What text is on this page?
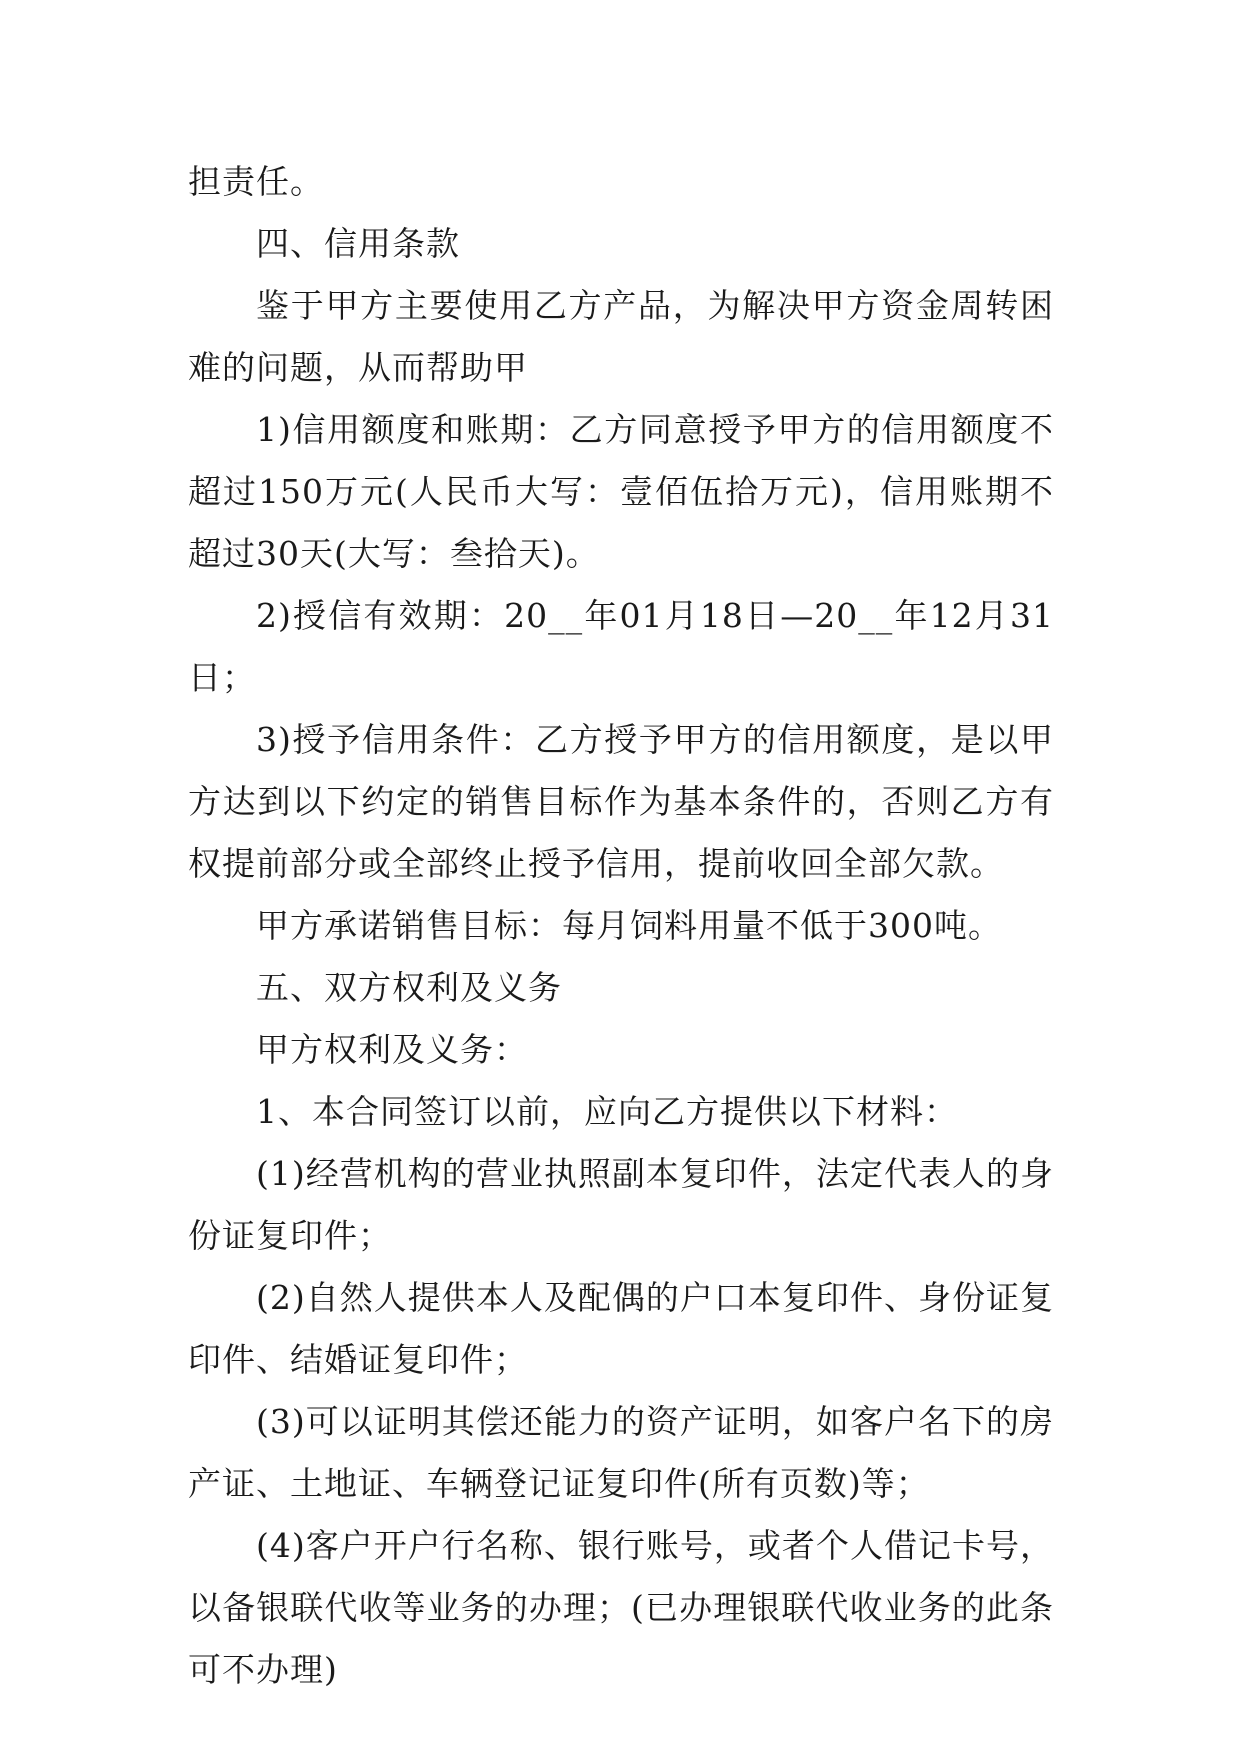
担责任。

四、信用条款

鉴于甲方主要使用乙方产品，为解决甲方资金周转困难的问题，从而帮助甲

1)信用额度和账期：乙方同意授予甲方的信用额度不超过150万元(人民币大写：壹佰伍拾万元)，信用账期不超过30天(大写：叁拾天)。

2)授信有效期：20__年01月18日—20__年12月31日；

3)授予信用条件：乙方授予甲方的信用额度，是以甲方达到以下约定的销售目标作为基本条件的，否则乙方有权提前部分或全部终止授予信用，提前收回全部欠款。

甲方承诺销售目标：每月饲料用量不低于300吨。

五、双方权利及义务

甲方权利及义务：

1、本合同签订以前，应向乙方提供以下材料：

(1)经营机构的营业执照副本复印件，法定代表人的身份证复印件；

(2)自然人提供本人及配偶的户口本复印件、身份证复印件、结婚证复印件；

(3)可以证明其偿还能力的资产证明，如客户名下的房产证、土地证、车辆登记证复印件(所有页数)等；

(4)客户开户行名称、银行账号，或者个人借记卡号，以备银联代收等业务的办理；(已办理银联代收业务的此条可不办理)
